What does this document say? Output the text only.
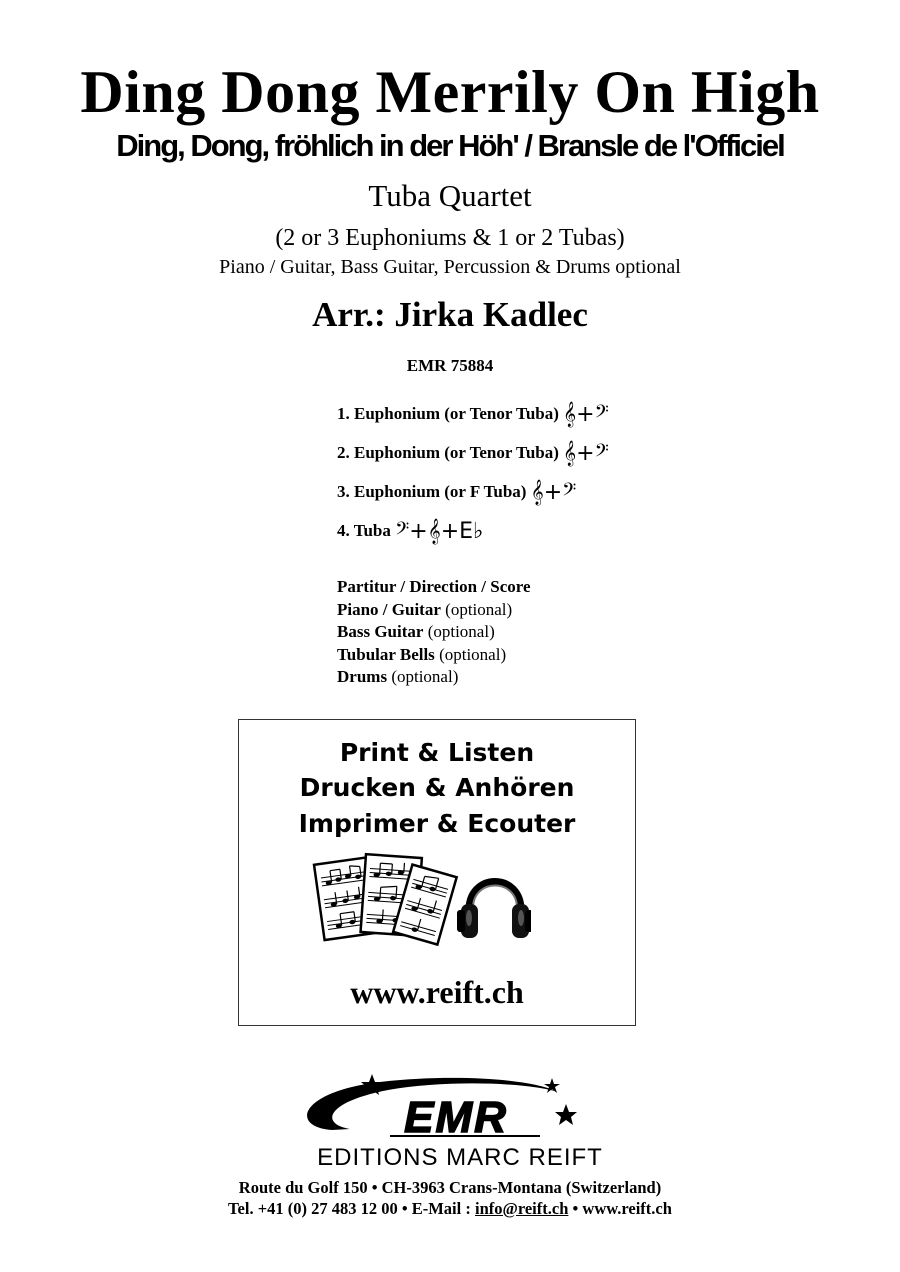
Ding Dong Merrily On High
Ding, Dong, fröhlich in der Höh' / Bransle de l'Officiel
Tuba Quartet
(2 or 3 Euphoniums & 1 or 2 Tubas)
Piano / Guitar, Bass Guitar, Percussion & Drums optional
Arr.: Jirka Kadlec
EMR 75884
1. Euphonium (or Tenor Tuba) 𝄞+𝄢
2. Euphonium (or Tenor Tuba) 𝄞+𝄢
3. Euphonium (or F Tuba) 𝄞+𝄢
4. Tuba 𝄢+𝄞+E♭
Partitur / Direction / Score
Piano / Guitar (optional)
Bass Guitar (optional)
Tubular Bells (optional)
Drums (optional)
Print & Listen
Drucken & Anhören
Imprimer & Ecouter
www.reift.ch
EMR
EDITIONS MARC REIFT
Route du Golf 150 • CH-3963 Crans-Montana (Switzerland)
Tel. +41 (0) 27 483 12 00 • E-Mail : info@reift.ch • www.reift.ch
